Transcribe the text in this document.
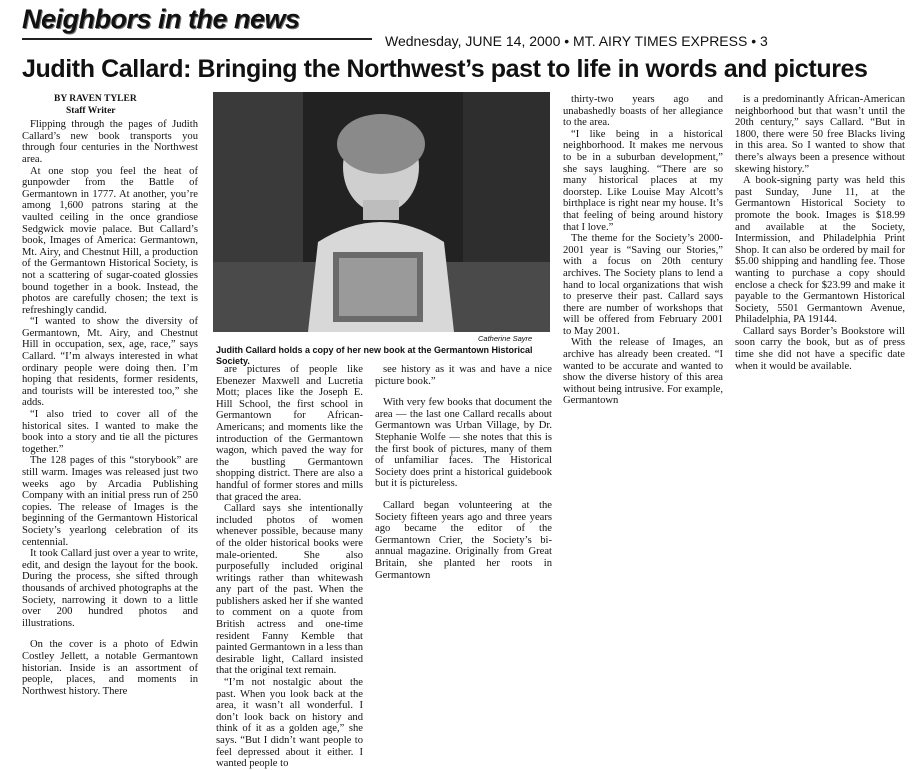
Neighbors in the news
Wednesday, JUNE 14, 2000 • MT. AIRY TIMES EXPRESS • 3
Judith Callard: Bringing the Northwest’s past to life in words and pictures

BY RAVEN TYLER

Staff Writer

Flipping through the pages of Judith Callard’s new book transports you through four centuries in the Northwest area.

At one stop you feel the heat of gunpowder from the Battle of Germantown in 1777. At another, you’re among 1,600 patrons staring at the vaulted ceiling in the once grandiose Sedgwick movie palace. But Callard’s book, Images of America: Germantown, Mt. Airy, and Chestnut Hill, a production of the Germantown Historical Society, is not a scattering of sugar-coated glossies bound together in a book. Instead, the photos are carefully chosen; the text is refreshingly candid.

“I wanted to show the diversity of Germantown, Mt. Airy, and Chestnut Hill in occupation, sex, age, race,” says Callard. “I’m always interested in what ordinary people were doing then. I’m hoping that residents, former residents, and tourists will be interested too,” she adds.

“I also tried to cover all of the historical sites. I wanted to make the book into a story and tie all the pictures together.”

The 128 pages of this “storybook” are still warm. Images was released just two weeks ago by Arcadia Publishing Company with an initial press run of 250 copies. The release of Images is the beginning of the Germantown Historical Society’s yearlong celebration of its centennial.

It took Callard just over a year to write, edit, and design the layout for the book. During the process, she sifted through thousands of archived photographs at the Society, narrowing it down to a little over 200 hundred photos and illustrations.

On the cover is a photo of Edwin Costley Jellett, a notable Germantown historian. Inside is an assortment of people, places, and moments in Northwest history. There

Catherine Sayre
Judith Callard holds a copy of her new book at the Germantown Historical Society.

are pictures of people like Ebenezer Maxwell and Lucretia Mott; places like the Joseph E. Hill School, the first school in Germantown for African-Americans; and moments like the introduction of the Germantown wagon, which paved the way for the bustling Germantown shopping district. There are also a handful of former stores and mills that graced the area.

Callard says she intentionally included photos of women whenever possible, because many of the older historical books were male-oriented. She also purposefully included original writings rather than whitewash any part of the past. When the publishers asked her if she wanted to comment on a quote from British actress and one-time resident Fanny Kemble that painted Germantown in a less than desirable light, Callard insisted that the original text remain.

“I’m not nostalgic about the past. When you look back at the area, it wasn’t all wonderful. I don’t look back on history and think of it as a golden age,” she says. “But I didn’t want people to feel depressed about it either. I wanted people to

see history as it was and have a nice picture book.”

With very few books that document the area — the last one Callard recalls about Germantown was Urban Village, by Dr. Stephanie Wolfe — she notes that this is the first book of pictures, many of them of unfamiliar faces. The Historical Society does print a historical guidebook but it is pictureless.

Callard began volunteering at the Society fifteen years ago and three years ago became the editor of the Germantown Crier, the Society’s bi-annual magazine. Originally from Great Britain, she planted her roots in Germantown

thirty-two years ago and unabashedly boasts of her allegiance to the area.

“I like being in a historical neighborhood. It makes me nervous to be in a suburban development,” she says laughing. “There are so many historical places at my doorstep. Like Louise May Alcott’s birthplace is right near my house. It’s that feeling of being around history that I love.”

The theme for the Society’s 2000-2001 year is “Saving our Stories,” with a focus on 20th century archives. The Society plans to lend a hand to local organizations that wish to preserve their past. Callard says there are number of workshops that will be offered from February 2001 to May 2001.

With the release of Images, an archive has already been created. “I wanted to be accurate and wanted to show the diverse history of this area without being intrusive. For example, Germantown

is a predominantly African-American neighborhood but that wasn’t until the 20th century,” says Callard. “But in 1800, there were 50 free Blacks living in this area. So I wanted to show that there’s always been a presence without skewing history.”

A book-signing party was held this past Sunday, June 11, at the Germantown Historical Society to promote the book. Images is $18.99 and available at the Society, Intermission, and Philadelphia Print Shop. It can also be ordered by mail for $5.00 shipping and handling fee. Those wanting to purchase a copy should enclose a check for $23.99 and make it payable to the Germantown Historical Society, 5501 Germantown Avenue, Philadelphia, PA 19144.

Callard says Border’s Bookstore will soon carry the book, but as of press time she did not have a specific date when it would be available.
